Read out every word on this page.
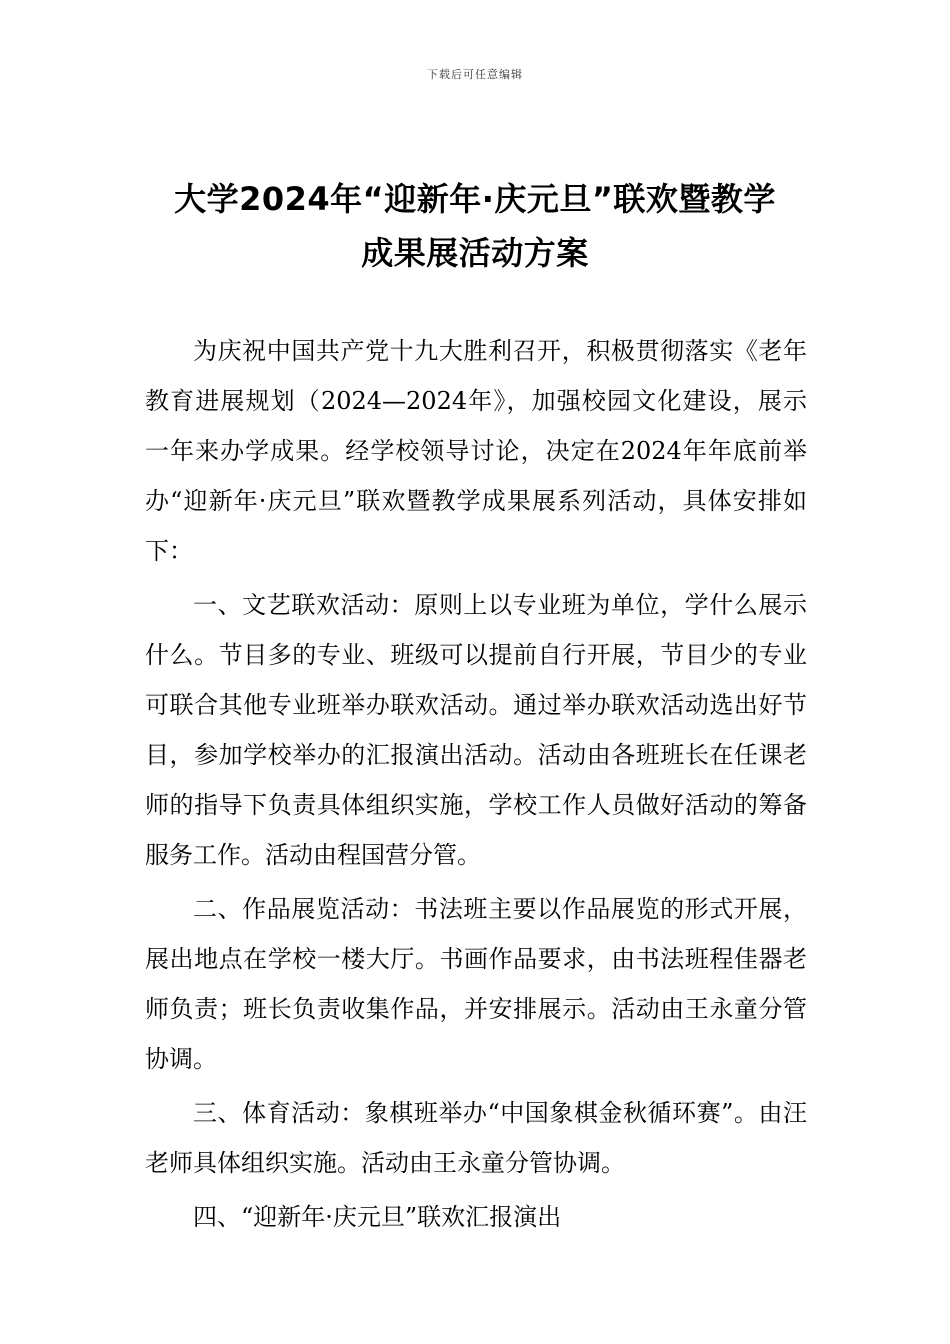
下载后可任意编辑
大学2024年“迎新年·庆元旦”联欢暨教学
成果展活动方案

为庆祝中国共产党十九大胜利召开，积极贯彻落实《老年教育进展规划（2024—2024年》，加强校园文化建设，展示一年来办学成果。经学校领导讨论，决定在2024年年底前举办“迎新年·庆元旦”联欢暨教学成果展系列活动，具体安排如下：

一、文艺联欢活动：原则上以专业班为单位，学什么展示什么。节目多的专业、班级可以提前自行开展，节目少的专业可联合其他专业班举办联欢活动。通过举办联欢活动选出好节目，参加学校举办的汇报演出活动。活动由各班班长在任课老师的指导下负责具体组织实施，学校工作人员做好活动的筹备服务工作。活动由程国营分管。

二、作品展览活动：书法班主要以作品展览的形式开展，展出地点在学校一楼大厅。书画作品要求，由书法班程佳器老师负责；班长负责收集作品，并安排展示。活动由王永童分管协调。

三、体育活动：象棋班举办“中国象棋金秋循环赛”。由汪 老师具体组织实施。活动由王永童分管协调。

四、“迎新年·庆元旦”联欢汇报演出
